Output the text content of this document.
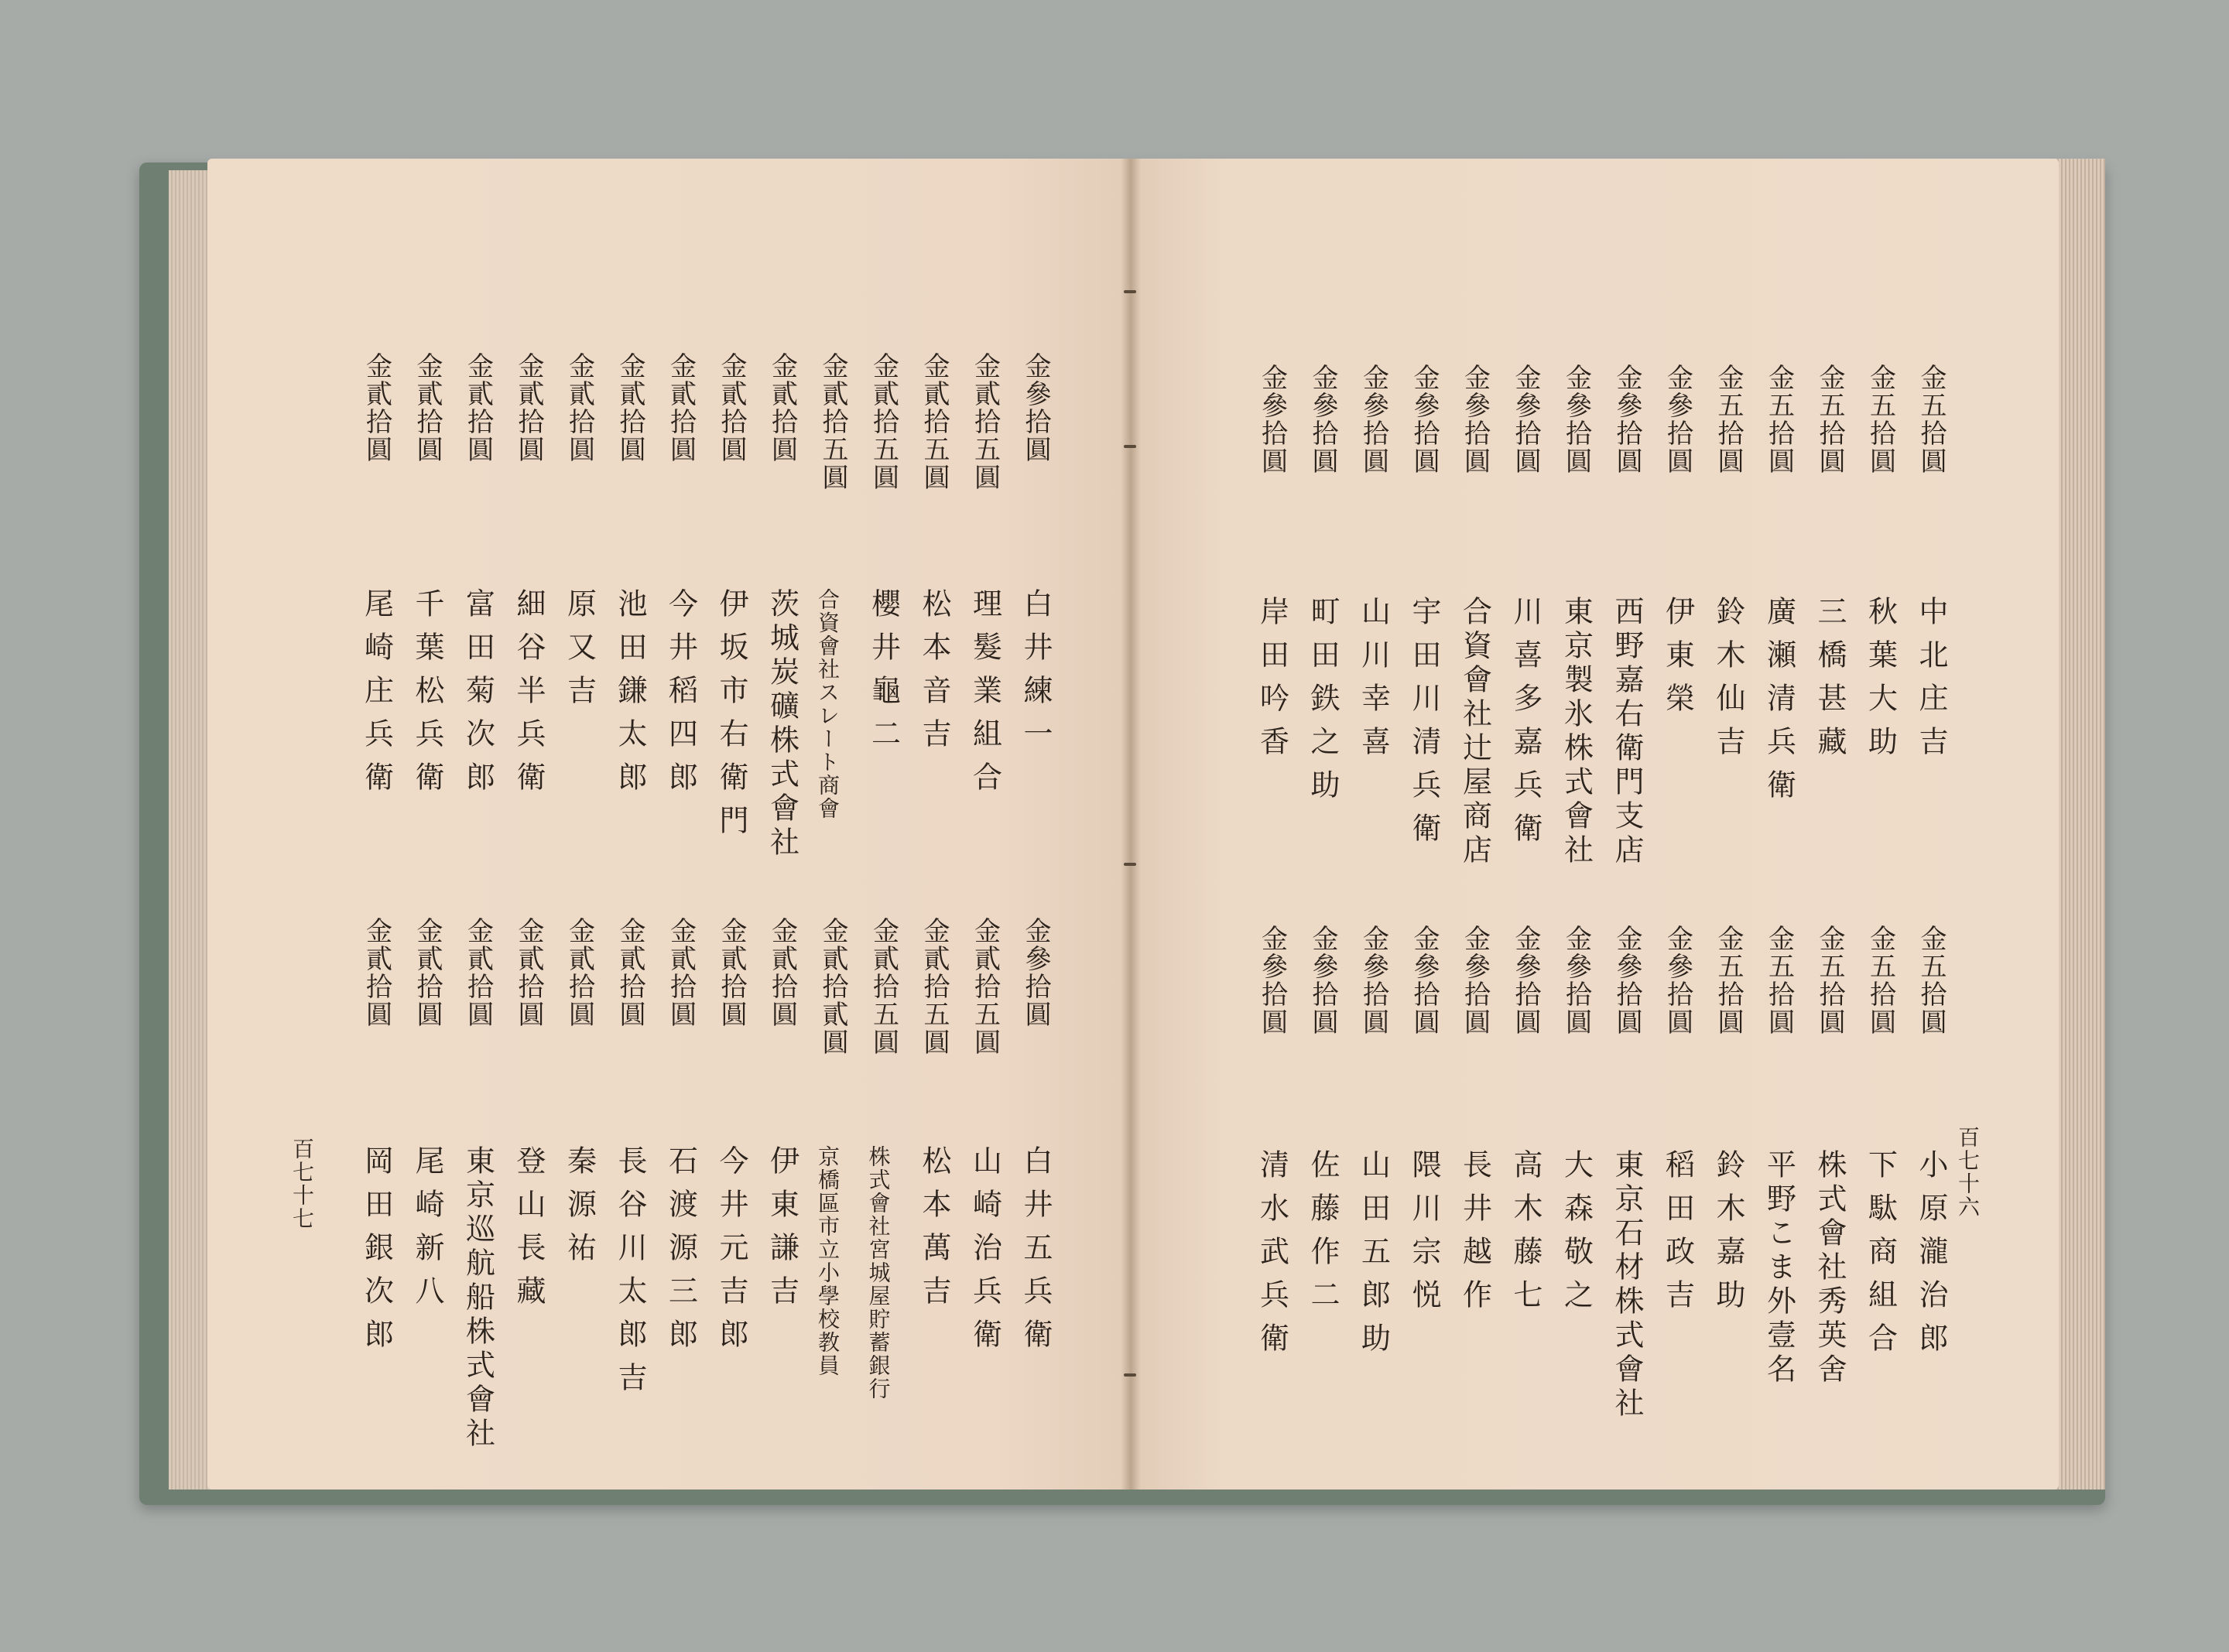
金參拾圓
白井練一
金貳拾五圓
理髮業組合
金貳拾五圓
松本音吉
金貳拾五圓
櫻井龜二
金貳拾五圓
合資會社スレート商會
金貳拾圓
茨城炭礦株式會社
金貳拾圓
伊坂市右衛門
金貳拾圓
今井稻四郎
金貳拾圓
池田鎌太郎
金貳拾圓
原又吉
金貳拾圓
細谷半兵衛
金貳拾圓
富田菊次郎
金貳拾圓
千葉松兵衛
金貳拾圓
尾崎庄兵衛
金參拾圓
白井五兵衛
金貳拾五圓
山崎治兵衛
金貳拾五圓
松本萬吉
金貳拾五圓
株式會社宮城屋貯蓄銀行
金貳拾貳圓
京橋區市立小學校教員
金貳拾圓
伊東謙吉
金貳拾圓
今井元吉郎
金貳拾圓
石渡源三郎
金貳拾圓
長谷川太郎吉
金貳拾圓
秦源祐
金貳拾圓
登山長藏
金貳拾圓
東京巡航船株式會社
金貳拾圓
尾崎新八
金貳拾圓
岡田銀次郎
金五拾圓
中北庄吉
金五拾圓
秋葉大助
金五拾圓
三橋甚藏
金五拾圓
廣瀬清兵衛
金五拾圓
鈴木仙吉
金參拾圓
伊東榮
金參拾圓
西野嘉右衛門支店
金參拾圓
東京製氷株式會社
金參拾圓
川喜多嘉兵衛
金參拾圓
合資會社辻屋商店
金參拾圓
宇田川清兵衛
金參拾圓
山川幸喜
金參拾圓
町田鉄之助
金參拾圓
岸田吟香
金五拾圓
小原瀧治郎
金五拾圓
下駄商組合
金五拾圓
株式會社秀英舍
金五拾圓
平野こま外壹名
金五拾圓
鈴木嘉助
金參拾圓
稻田政吉
金參拾圓
東京石材株式會社
金參拾圓
大森敬之
金參拾圓
高木藤七
金參拾圓
長井越作
金參拾圓
隈川宗悦
金參拾圓
山田五郎助
金參拾圓
佐藤作二
金參拾圓
清水武兵衛
百七十七	百七十六
